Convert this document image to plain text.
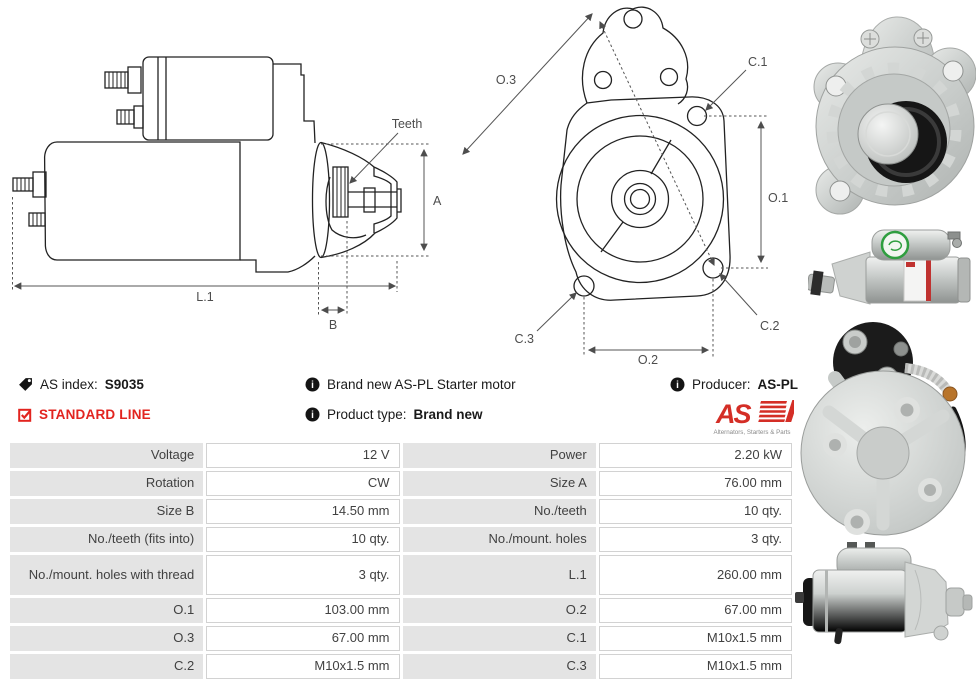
A
B
L.1
Teeth
O.3
C.1
O.1
C.2
C.3
O.2
AS index: S9035
STANDARD LINE
i Brand new AS-PL Starter motor
i Product type: Brand new
i Producer: AS-PL
AS
Alternators, Starters & Parts
Voltage	12 V	Power	2.20 kW
Rotation	CW	Size A	76.00 mm
Size B	14.50 mm	No./teeth	10 qty.
No./teeth (fits into)	10 qty.	No./mount. holes	3 qty.
No./mount. holes with thread	3 qty.	L.1	260.00 mm
O.1	103.00 mm	O.2	67.00 mm
O.3	67.00 mm	C.1	M10x1.5 mm
C.2	M10x1.5 mm	C.3	M10x1.5 mm
